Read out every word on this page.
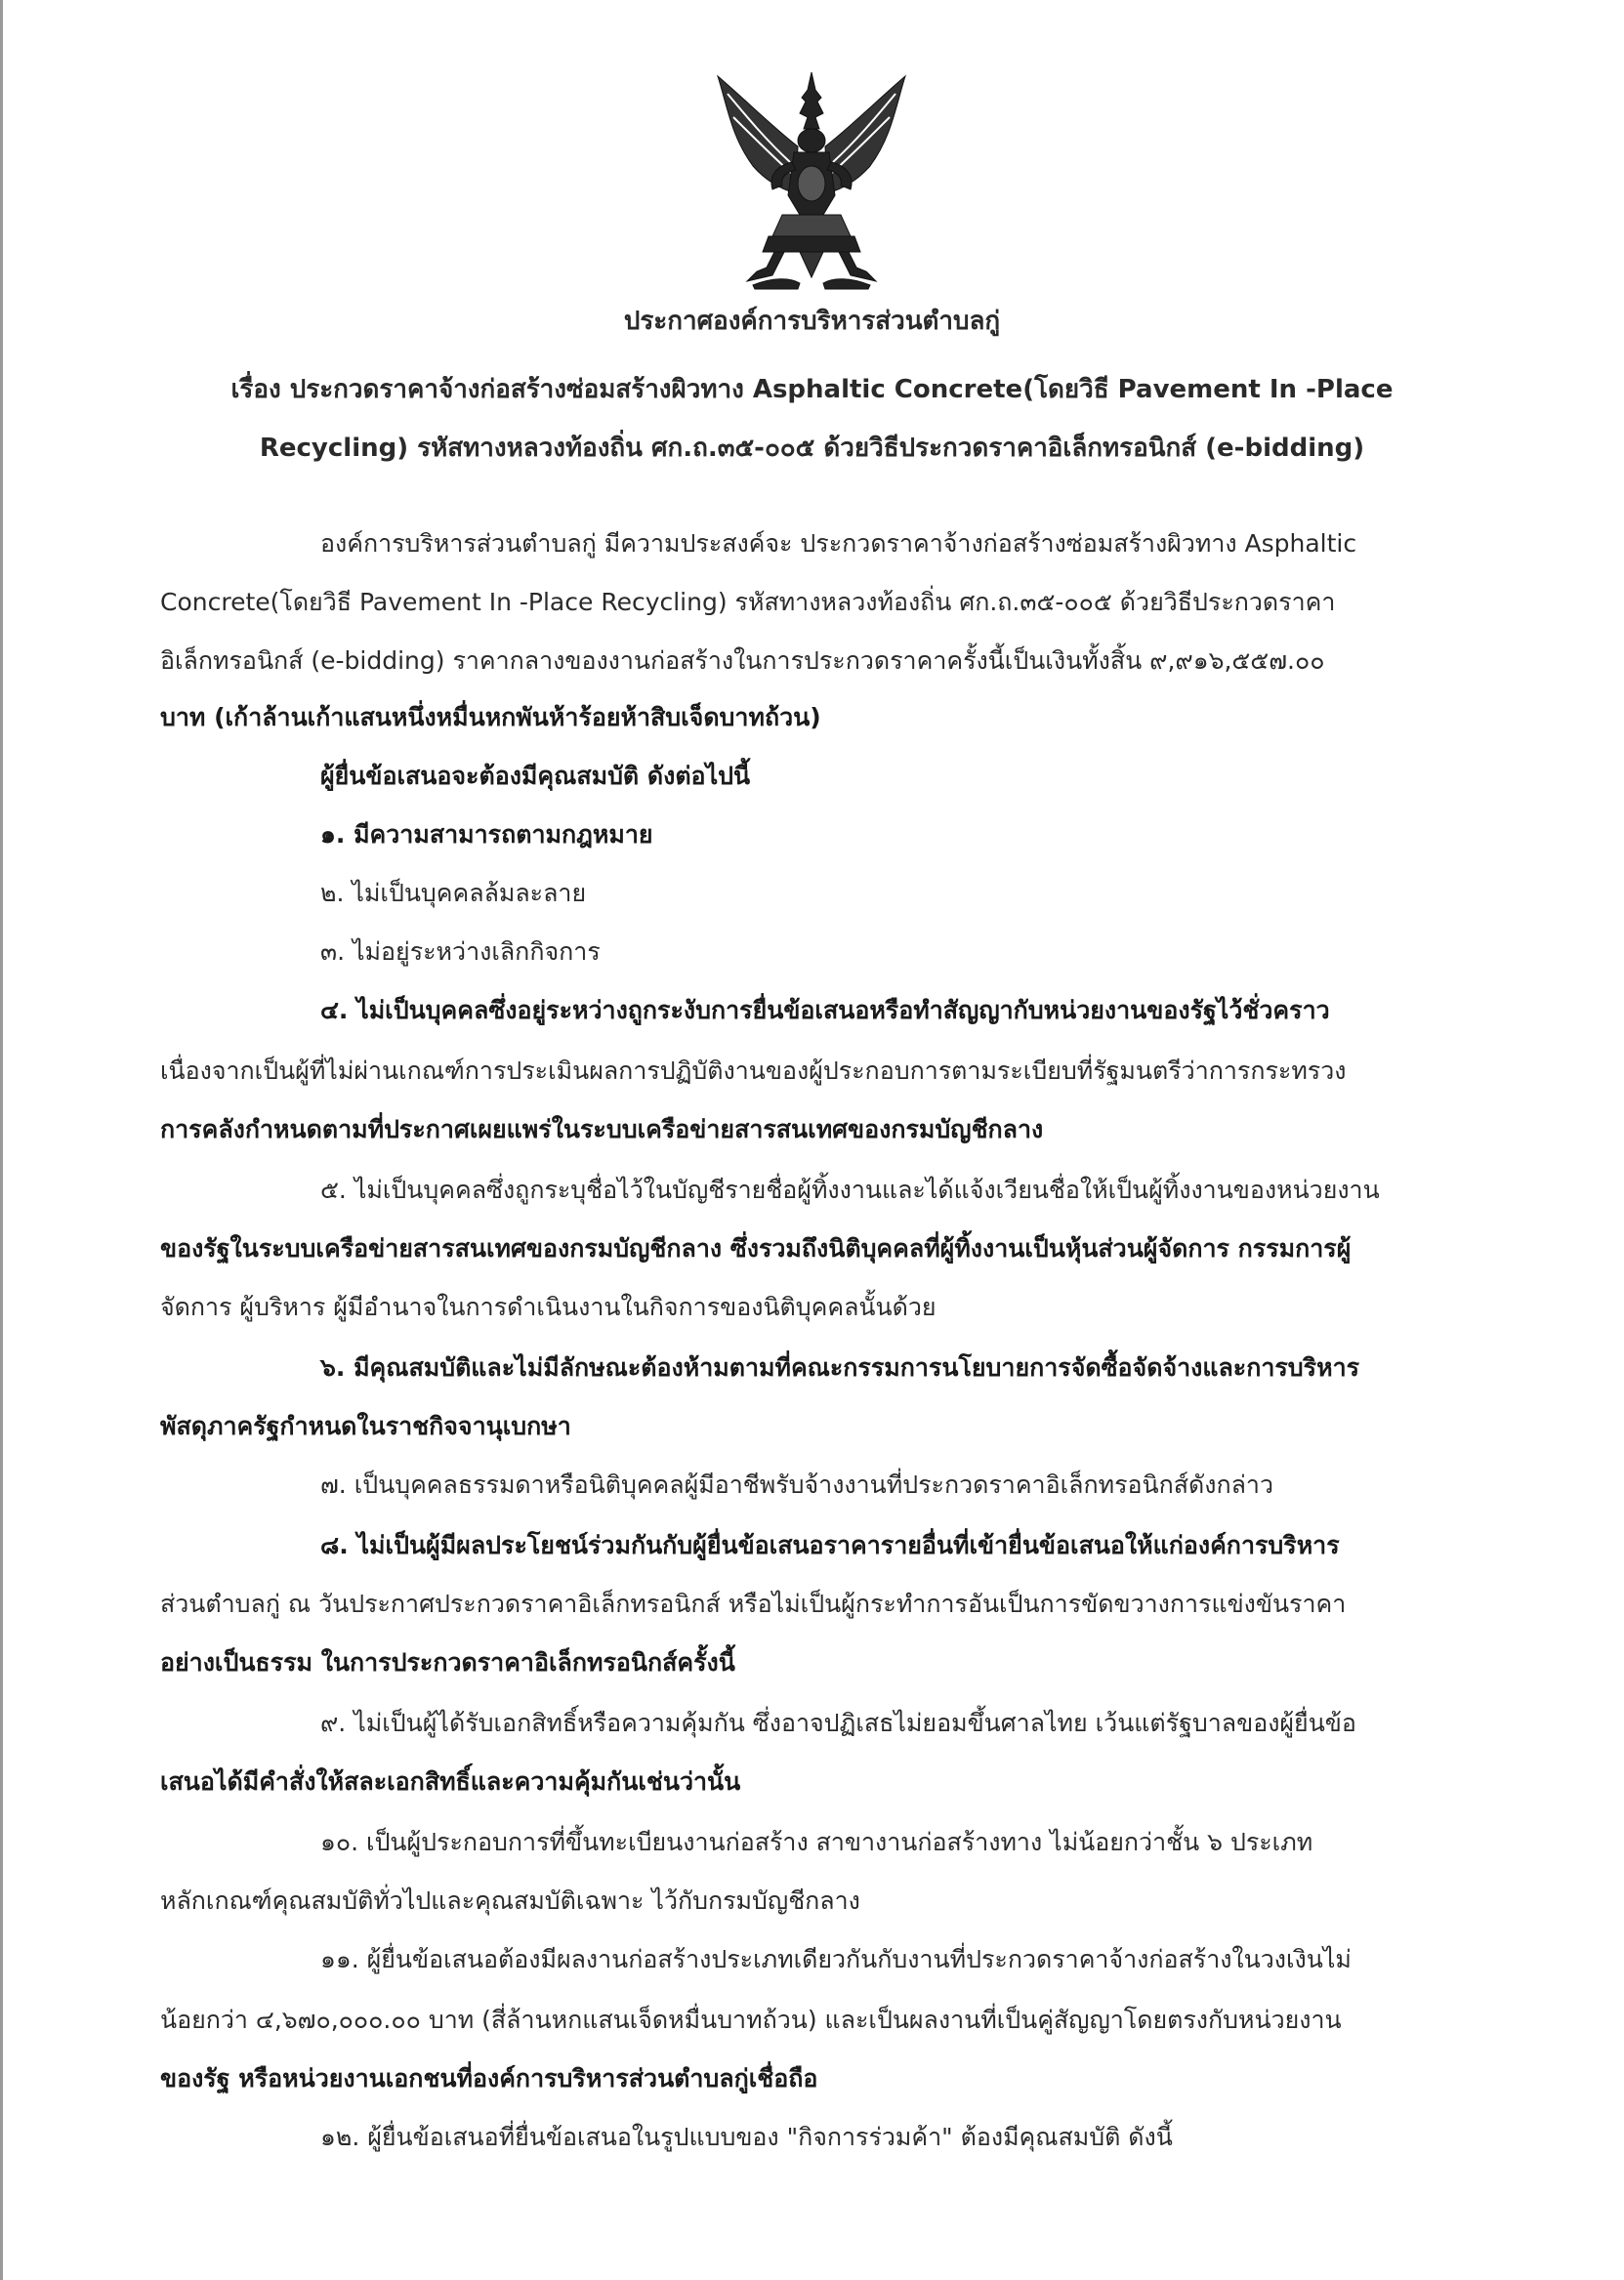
ประกาศองค์การบริหารส่วนตำบลกู่
เรื่อง ประกวดราคาจ้างก่อสร้างซ่อมสร้างผิวทาง Asphaltic Concrete(โดยวิธี Pavement In -Place
Recycling) รหัสทางหลวงท้องถิ่น ศก.ถ.๓๕-๐๐๕ ด้วยวิธีประกวดราคาอิเล็กทรอนิกส์ (e-bidding)
องค์การบริหารส่วนตำบลกู่ มีความประสงค์จะ ประกวดราคาจ้างก่อสร้างซ่อมสร้างผิวทาง Asphaltic
Concrete(โดยวิธี Pavement In -Place Recycling) รหัสทางหลวงท้องถิ่น ศก.ถ.๓๕-๐๐๕ ด้วยวิธีประกวดราคา
อิเล็กทรอนิกส์ (e-bidding) ราคากลางของงานก่อสร้างในการประกวดราคาครั้งนี้เป็นเงินทั้งสิ้น ๙,๙๑๖,๕๕๗.๐๐
บาท (เก้าล้านเก้าแสนหนึ่งหมื่นหกพันห้าร้อยห้าสิบเจ็ดบาทถ้วน)
ผู้ยื่นข้อเสนอจะต้องมีคุณสมบัติ ดังต่อไปนี้
๑. มีความสามารถตามกฎหมาย
๒. ไม่เป็นบุคคลล้มละลาย
๓. ไม่อยู่ระหว่างเลิกกิจการ
๔. ไม่เป็นบุคคลซึ่งอยู่ระหว่างถูกระงับการยื่นข้อเสนอหรือทำสัญญากับหน่วยงานของรัฐไว้ชั่วคราว
เนื่องจากเป็นผู้ที่ไม่ผ่านเกณฑ์การประเมินผลการปฏิบัติงานของผู้ประกอบการตามระเบียบที่รัฐมนตรีว่าการกระทรวง
การคลังกำหนดตามที่ประกาศเผยแพร่ในระบบเครือข่ายสารสนเทศของกรมบัญชีกลาง
๕. ไม่เป็นบุคคลซึ่งถูกระบุชื่อไว้ในบัญชีรายชื่อผู้ทิ้งงานและได้แจ้งเวียนชื่อให้เป็นผู้ทิ้งงานของหน่วยงาน
ของรัฐในระบบเครือข่ายสารสนเทศของกรมบัญชีกลาง ซึ่งรวมถึงนิติบุคคลที่ผู้ทิ้งงานเป็นหุ้นส่วนผู้จัดการ กรรมการผู้
จัดการ ผู้บริหาร ผู้มีอำนาจในการดำเนินงานในกิจการของนิติบุคคลนั้นด้วย
๖. มีคุณสมบัติและไม่มีลักษณะต้องห้ามตามที่คณะกรรมการนโยบายการจัดซื้อจัดจ้างและการบริหาร
พัสดุภาครัฐกำหนดในราชกิจจานุเบกษา
๗. เป็นบุคคลธรรมดาหรือนิติบุคคลผู้มีอาชีพรับจ้างงานที่ประกวดราคาอิเล็กทรอนิกส์ดังกล่าว
๘. ไม่เป็นผู้มีผลประโยชน์ร่วมกันกับผู้ยื่นข้อเสนอราคารายอื่นที่เข้ายื่นข้อเสนอให้แก่องค์การบริหาร
ส่วนตำบลกู่ ณ วันประกาศประกวดราคาอิเล็กทรอนิกส์ หรือไม่เป็นผู้กระทำการอันเป็นการขัดขวางการแข่งขันราคา
อย่างเป็นธรรม ในการประกวดราคาอิเล็กทรอนิกส์ครั้งนี้
๙. ไม่เป็นผู้ได้รับเอกสิทธิ์หรือความคุ้มกัน ซึ่งอาจปฏิเสธไม่ยอมขึ้นศาลไทย เว้นแต่รัฐบาลของผู้ยื่นข้อ
เสนอได้มีคำสั่งให้สละเอกสิทธิ์และความคุ้มกันเช่นว่านั้น
๑๐. เป็นผู้ประกอบการที่ขึ้นทะเบียนงานก่อสร้าง สาขางานก่อสร้างทาง ไม่น้อยกว่าชั้น ๖ ประเภท
หลักเกณฑ์คุณสมบัติทั่วไปและคุณสมบัติเฉพาะ ไว้กับกรมบัญชีกลาง
๑๑. ผู้ยื่นข้อเสนอต้องมีผลงานก่อสร้างประเภทเดียวกันกับงานที่ประกวดราคาจ้างก่อสร้างในวงเงินไม่
น้อยกว่า ๔,๖๗๐,๐๐๐.๐๐ บาท (สี่ล้านหกแสนเจ็ดหมื่นบาทถ้วน) และเป็นผลงานที่เป็นคู่สัญญาโดยตรงกับหน่วยงาน
ของรัฐ หรือหน่วยงานเอกชนที่องค์การบริหารส่วนตำบลกู่เชื่อถือ
๑๒. ผู้ยื่นข้อเสนอที่ยื่นข้อเสนอในรูปแบบของ "กิจการร่วมค้า" ต้องมีคุณสมบัติ ดังนี้
